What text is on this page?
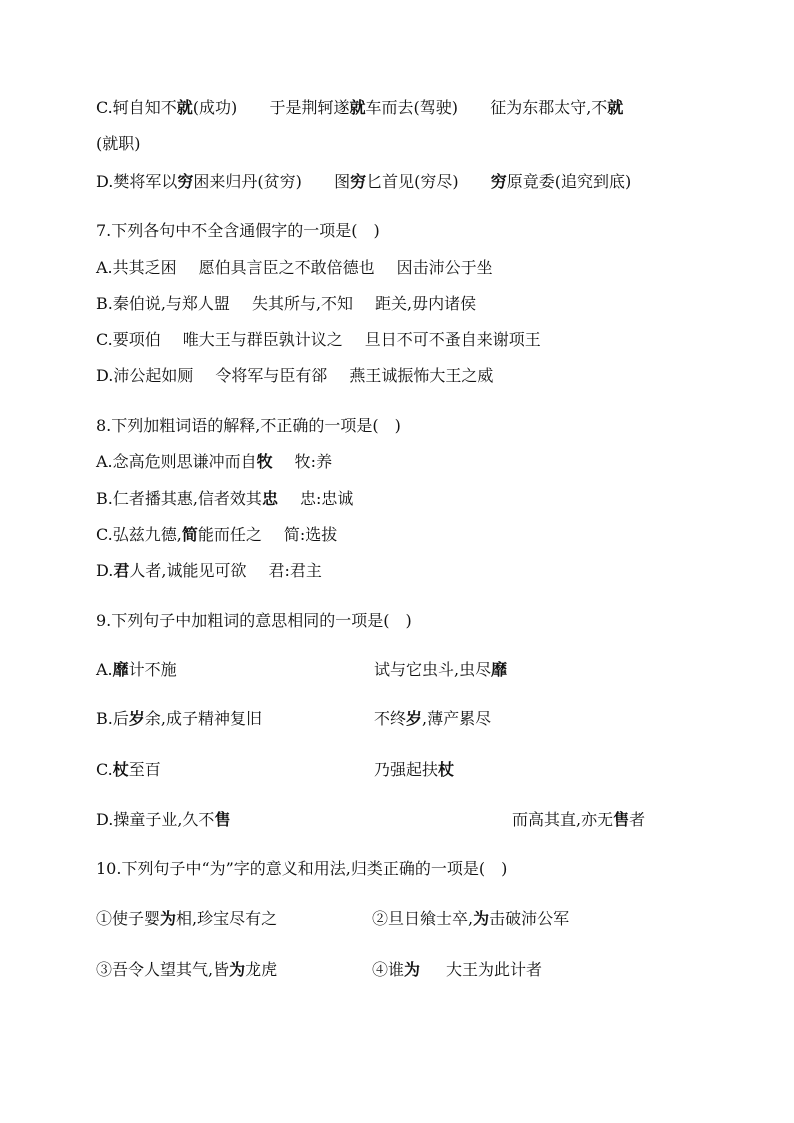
C.轲自知不就(成功) 于是荆轲遂就车而去(驾驶) 征为东郡太守,不就
(就职)
D.樊将军以穷困来归丹(贫穷) 图穷匕首见(穷尽) 穷原竟委(追究到底)
7.下列各句中不全含通假字的一项是(　)
A.共其乏困 愿伯具言臣之不敢倍德也 因击沛公于坐
B.秦伯说,与郑人盟 失其所与,不知 距关,毋内诸侯
C.要项伯 唯大王与群臣孰计议之 旦日不可不蚤自来谢项王
D.沛公起如厕 令将军与臣有郤 燕王诚振怖大王之威
8.下列加粗词语的解释,不正确的一项是(　)
A.念高危则思谦冲而自牧 牧:养
B.仁者播其惠,信者效其忠 忠:忠诚
C.弘兹九德,简能而任之 简:选拔
D.君人者,诚能见可欲 君:君主
9.下列句子中加粗词的意思相同的一项是(　)
A.靡计不施	试与它虫斗,虫尽靡
B.后岁余,成子精神复旧	不终岁,薄产累尽
C.杖至百	乃强起扶杖
D.操童子业,久不售	而高其直,亦无售者
10.下列句子中“为”字的意义和用法,归类正确的一项是(　)
①使子婴为相,珍宝尽有之	②旦日飨士卒,为击破沛公军
③吾令人望其气,皆为龙虎	④谁为 大王为此计者
